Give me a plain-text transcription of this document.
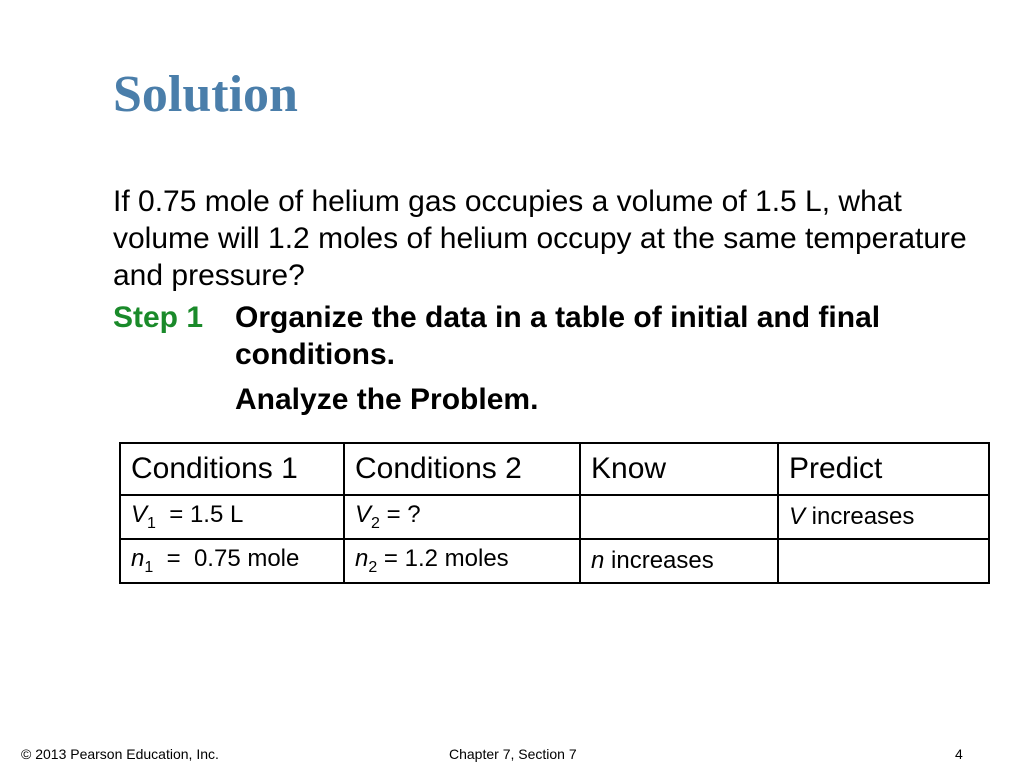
Solution
If 0.75 mole of helium gas occupies a volume of 1.5 L, what volume will 1.2 moles of helium occupy at the same temperature and pressure?
Step 1 Organize the data in a table of initial and final conditions.
Analyze the Problem.
Conditions 1	Conditions 2	Know	Predict
$V_1 = 1.5$ L	$V_2$ = ?		V increases
$n_1 = 0.75$ mole	$n_2 = 1.2$ moles	n increases	
© 2013 Pearson Education, Inc.	Chapter 7, Section 7	4
